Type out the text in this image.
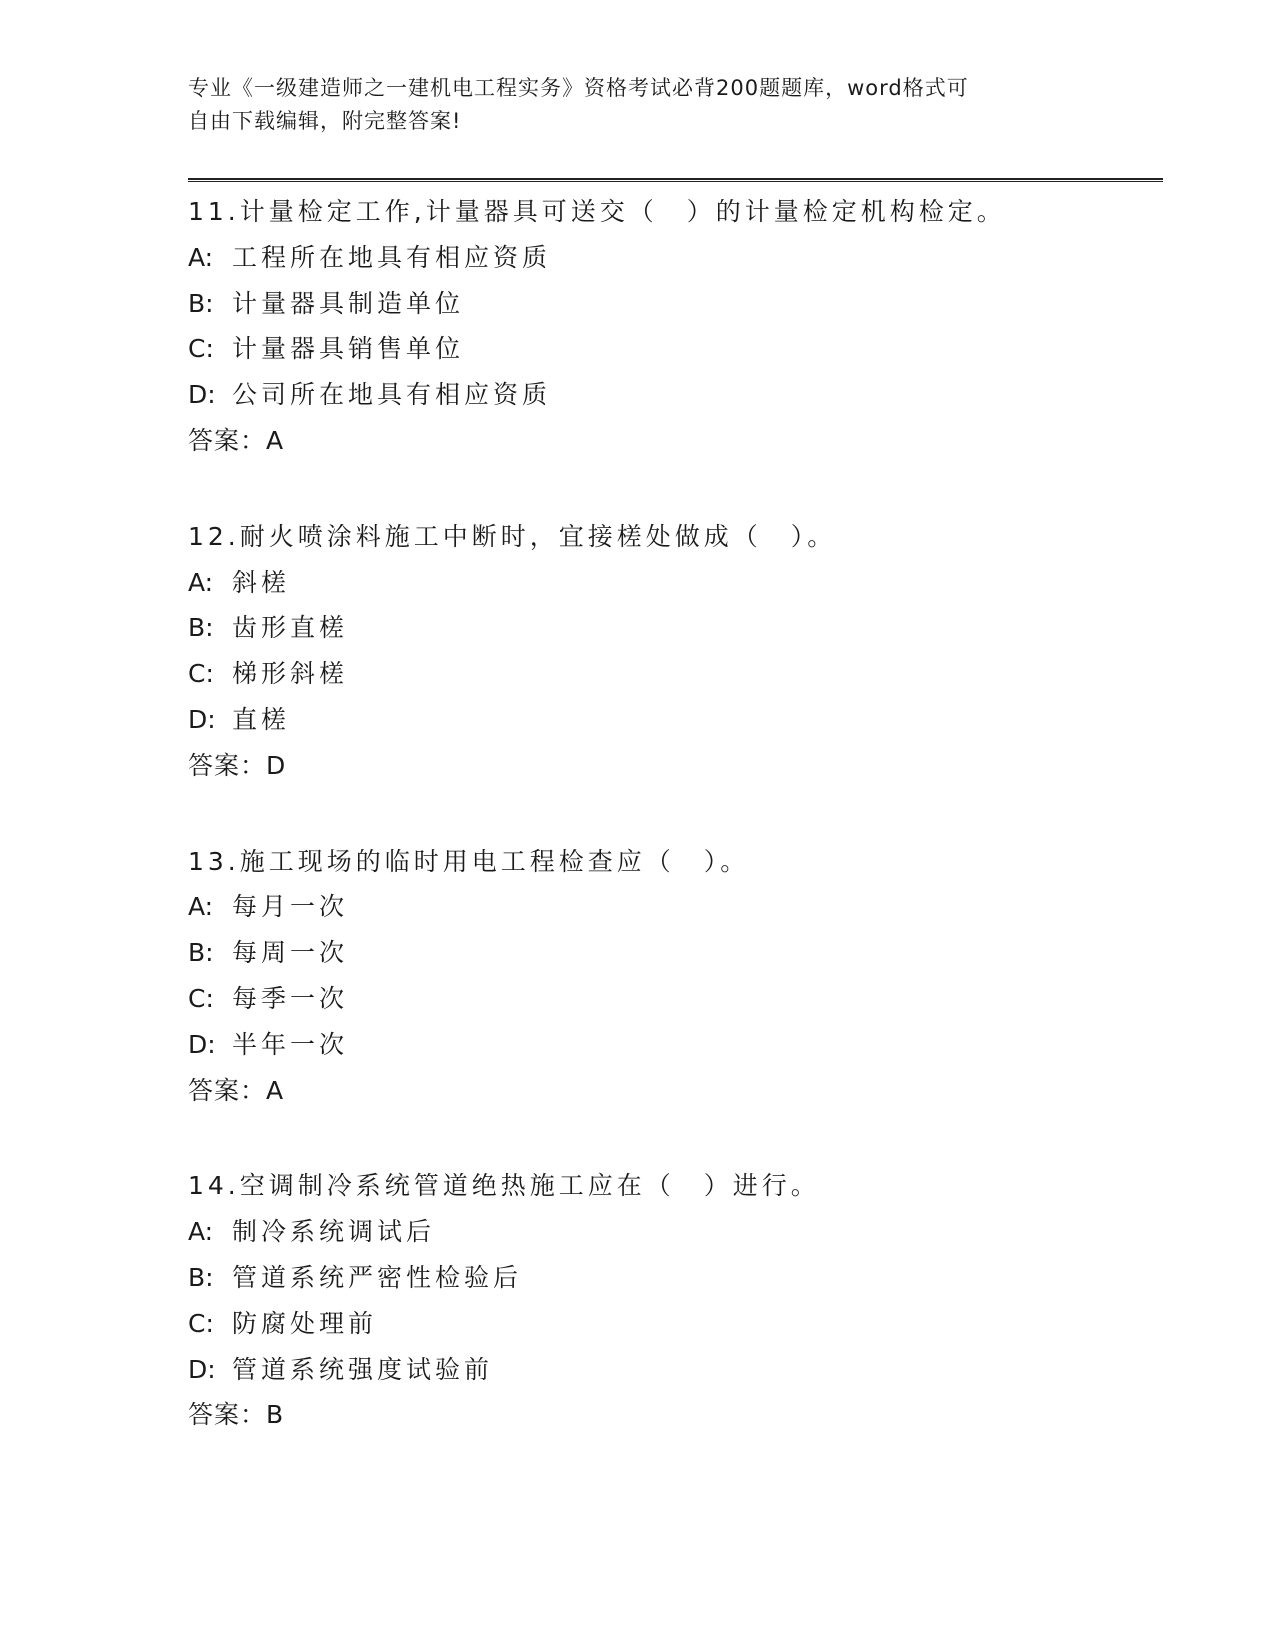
专业《一级建造师之一建机电工程实务》资格考试必背200题题库，word格式可
自由下载编辑，附完整答案!
11.计量检定工作,计量器具可送交（　）的计量检定机构检定。
A: 工程所在地具有相应资质
B: 计量器具制造单位
C: 计量器具销售单位
D: 公司所在地具有相应资质
答案：A
12.耐火喷涂料施工中断时，宜接槎处做成（　）。
A: 斜槎
B: 齿形直槎
C: 梯形斜槎
D: 直槎
答案：D
13.施工现场的临时用电工程检查应（　）。
A: 每月一次
B: 每周一次
C: 每季一次
D: 半年一次
答案：A
14.空调制冷系统管道绝热施工应在（　）进行。
A: 制冷系统调试后
B: 管道系统严密性检验后
C: 防腐处理前
D: 管道系统强度试验前
答案：B
